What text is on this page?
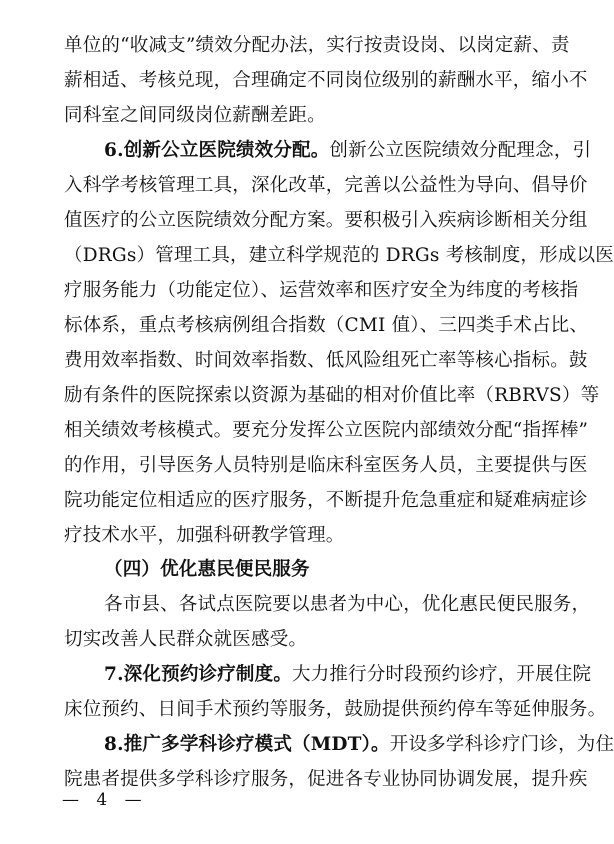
单位的“收减支”绩效分配办法，实行按责设岗、以岗定薪、责
薪相适、考核兑现，合理确定不同岗位级别的薪酬水平，缩小不
同科室之间同级岗位薪酬差距。
6.创新公立医院绩效分配。创新公立医院绩效分配理念，引
入科学考核管理工具，深化改革，完善以公益性为导向、倡导价
值医疗的公立医院绩效分配方案。要积极引入疾病诊断相关分组
（DRGs）管理工具，建立科学规范的 DRGs 考核制度，形成以医
疗服务能力（功能定位）、运营效率和医疗安全为纬度的考核指
标体系，重点考核病例组合指数（CMI 值）、三四类手术占比、
费用效率指数、时间效率指数、低风险组死亡率等核心指标。鼓
励有条件的医院探索以资源为基础的相对价值比率（RBRVS）等
相关绩效考核模式。要充分发挥公立医院内部绩效分配“指挥棒”
的作用，引导医务人员特别是临床科室医务人员，主要提供与医
院功能定位相适应的医疗服务，不断提升危急重症和疑难病症诊
疗技术水平，加强科研教学管理。
（四）优化惠民便民服务
各市县、各试点医院要以患者为中心，优化惠民便民服务，
切实改善人民群众就医感受。
7.深化预约诊疗制度。大力推行分时段预约诊疗，开展住院
床位预约、日间手术预约等服务，鼓励提供预约停车等延伸服务。
8.推广多学科诊疗模式（MDT）。开设多学科诊疗门诊，为住
院患者提供多学科诊疗服务，促进各专业协同协调发展，提升疾
— 4 —
